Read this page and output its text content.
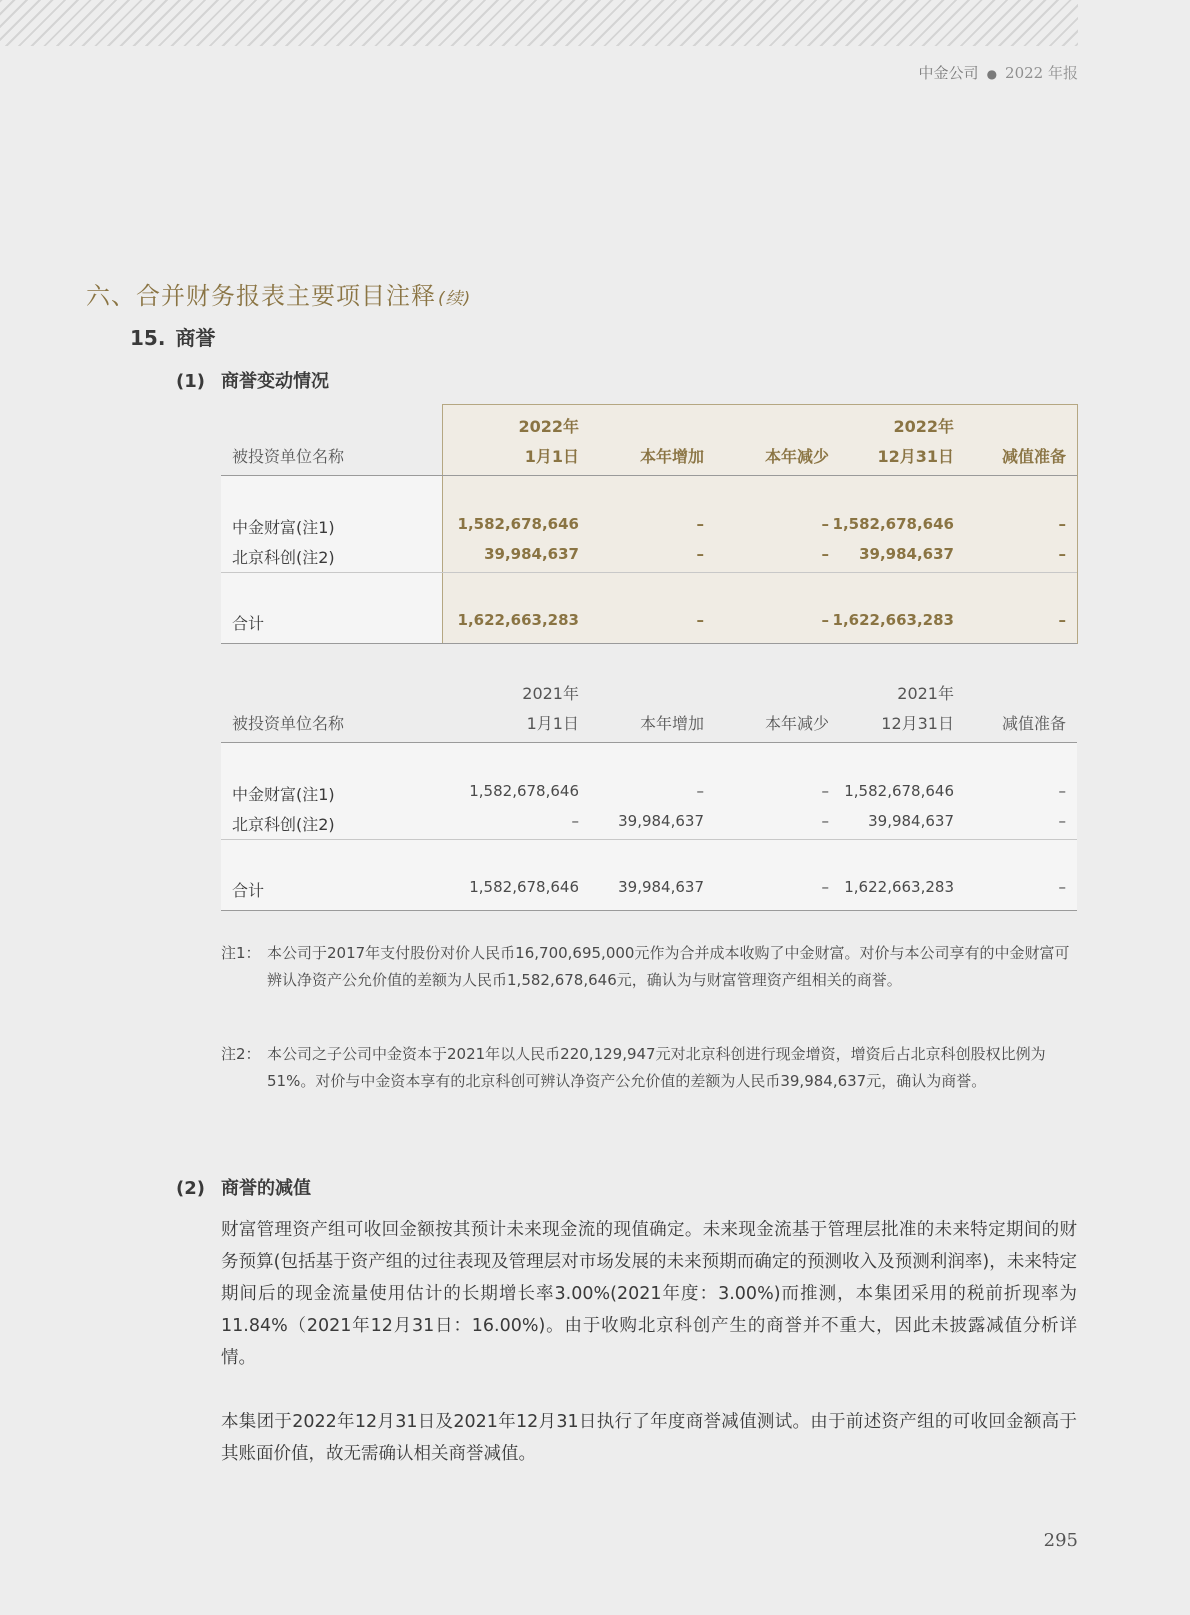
中金公司 ● 2022 年报
六、合并财务报表主要项目注释 (续)
15. 商誉
(1) 商誉变动情况
2022年	2022年
被投资单位名称	1月1日	本年增加	本年减少	12月31日	减值准备
中金财富(注1)	1,582,678,646	–	– 1,582,678,646	–
北京科创(注2)	39,984,637	–	– 39,984,637	–
合计	1,622,663,283	–	– 1,622,663,283	–
2021年	2021年
被投资单位名称	1月1日	本年增加	本年减少	12月31日	减值准备
中金财富(注1)	1,582,678,646	–	– 1,582,678,646	–
北京科创(注2)	–	39,984,637	–	39,984,637	–
合计	1,582,678,646	39,984,637	– 1,622,663,283	–
注1： 本公司于2017年支付股份对价人民币16,700,695,000元作为合并成本收购了中金财富。对价与本公司享有的中金财富可辨认净资产公允价值的差额为人民币1,582,678,646元，确认为与财富管理资产组相关的商誉。
注2： 本公司之子公司中金资本于2021年以人民币220,129,947元对北京科创进行现金增资，增资后占北京科创股权比例为51%。对价与中金资本享有的北京科创可辨认净资产公允价值的差额为人民币39,984,637元，确认为商誉。
(2) 商誉的减值
财富管理资产组可收回金额按其预计未来现金流的现值确定。未来现金流基于管理层批准的未来特定期间的财务预算(包括基于资产组的过往表现及管理层对市场发展的未来预期而确定的预测收入及预测利润率)，未来特定期间后的现金流量使用估计的长期增长率3.00%(2021年度：3.00%)而推测，本集团采用的税前折现率为11.84%（2021年12月31日：16.00%)。由于收购北京科创产生的商誉并不重大，因此未披露减值分析详情。
本集团于2022年12月31日及2021年12月31日执行了年度商誉减值测试。由于前述资产组的可收回金额高于其账面价值，故无需确认相关商誉减值。
295
